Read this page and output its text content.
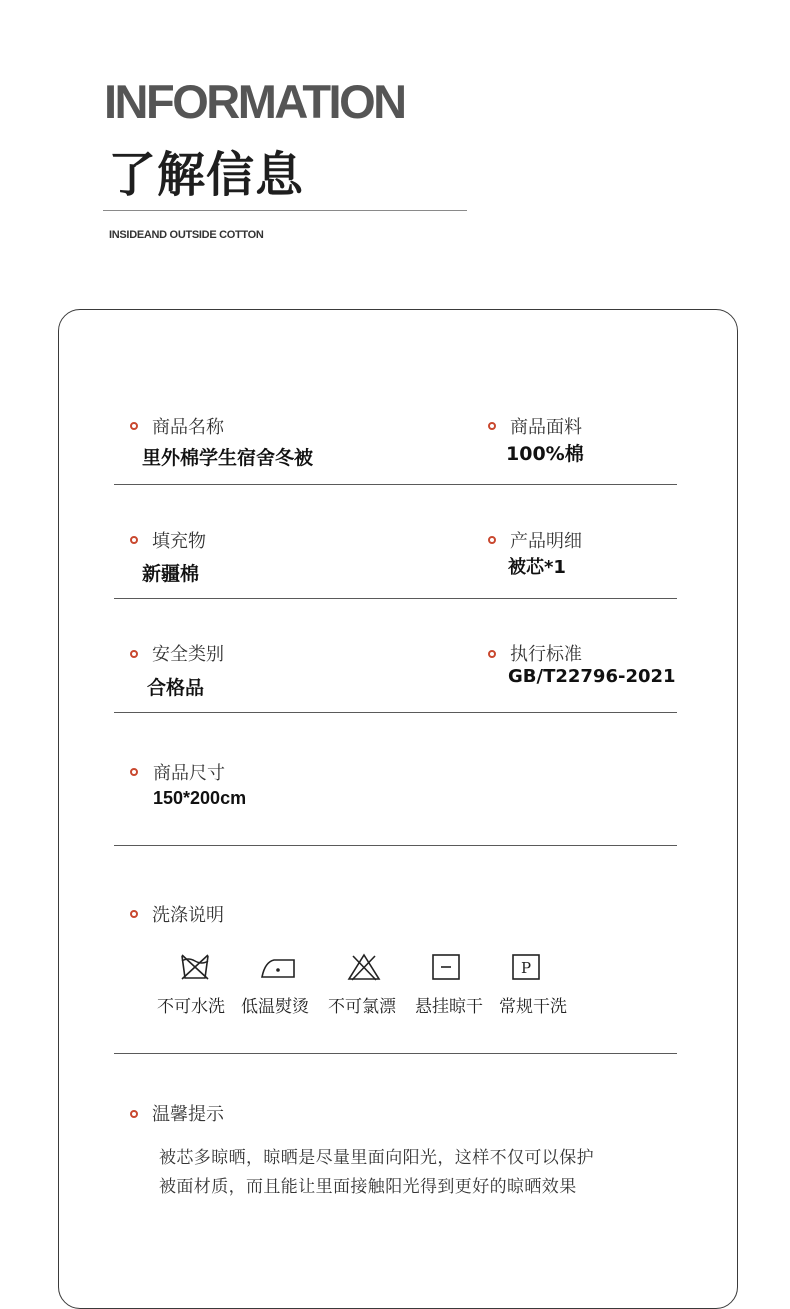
INFORMATION
了解信息
INSIDEAND OUTSIDE COTTON
商品名称
里外棉学生宿舍冬被
商品面料
100%棉
填充物
新疆棉
产品明细
被芯*1
安全类别
合格品
执行标准
GB/T22796-2021
商品尺寸
150*200cm
洗涤说明
P
不可水洗 低温熨烫 不可氯漂 悬挂晾干 常规干洗
温馨提示
被芯多晾晒，晾晒是尽量里面向阳光，这样不仅可以保护
被面材质，而且能让里面接触阳光得到更好的晾晒效果
